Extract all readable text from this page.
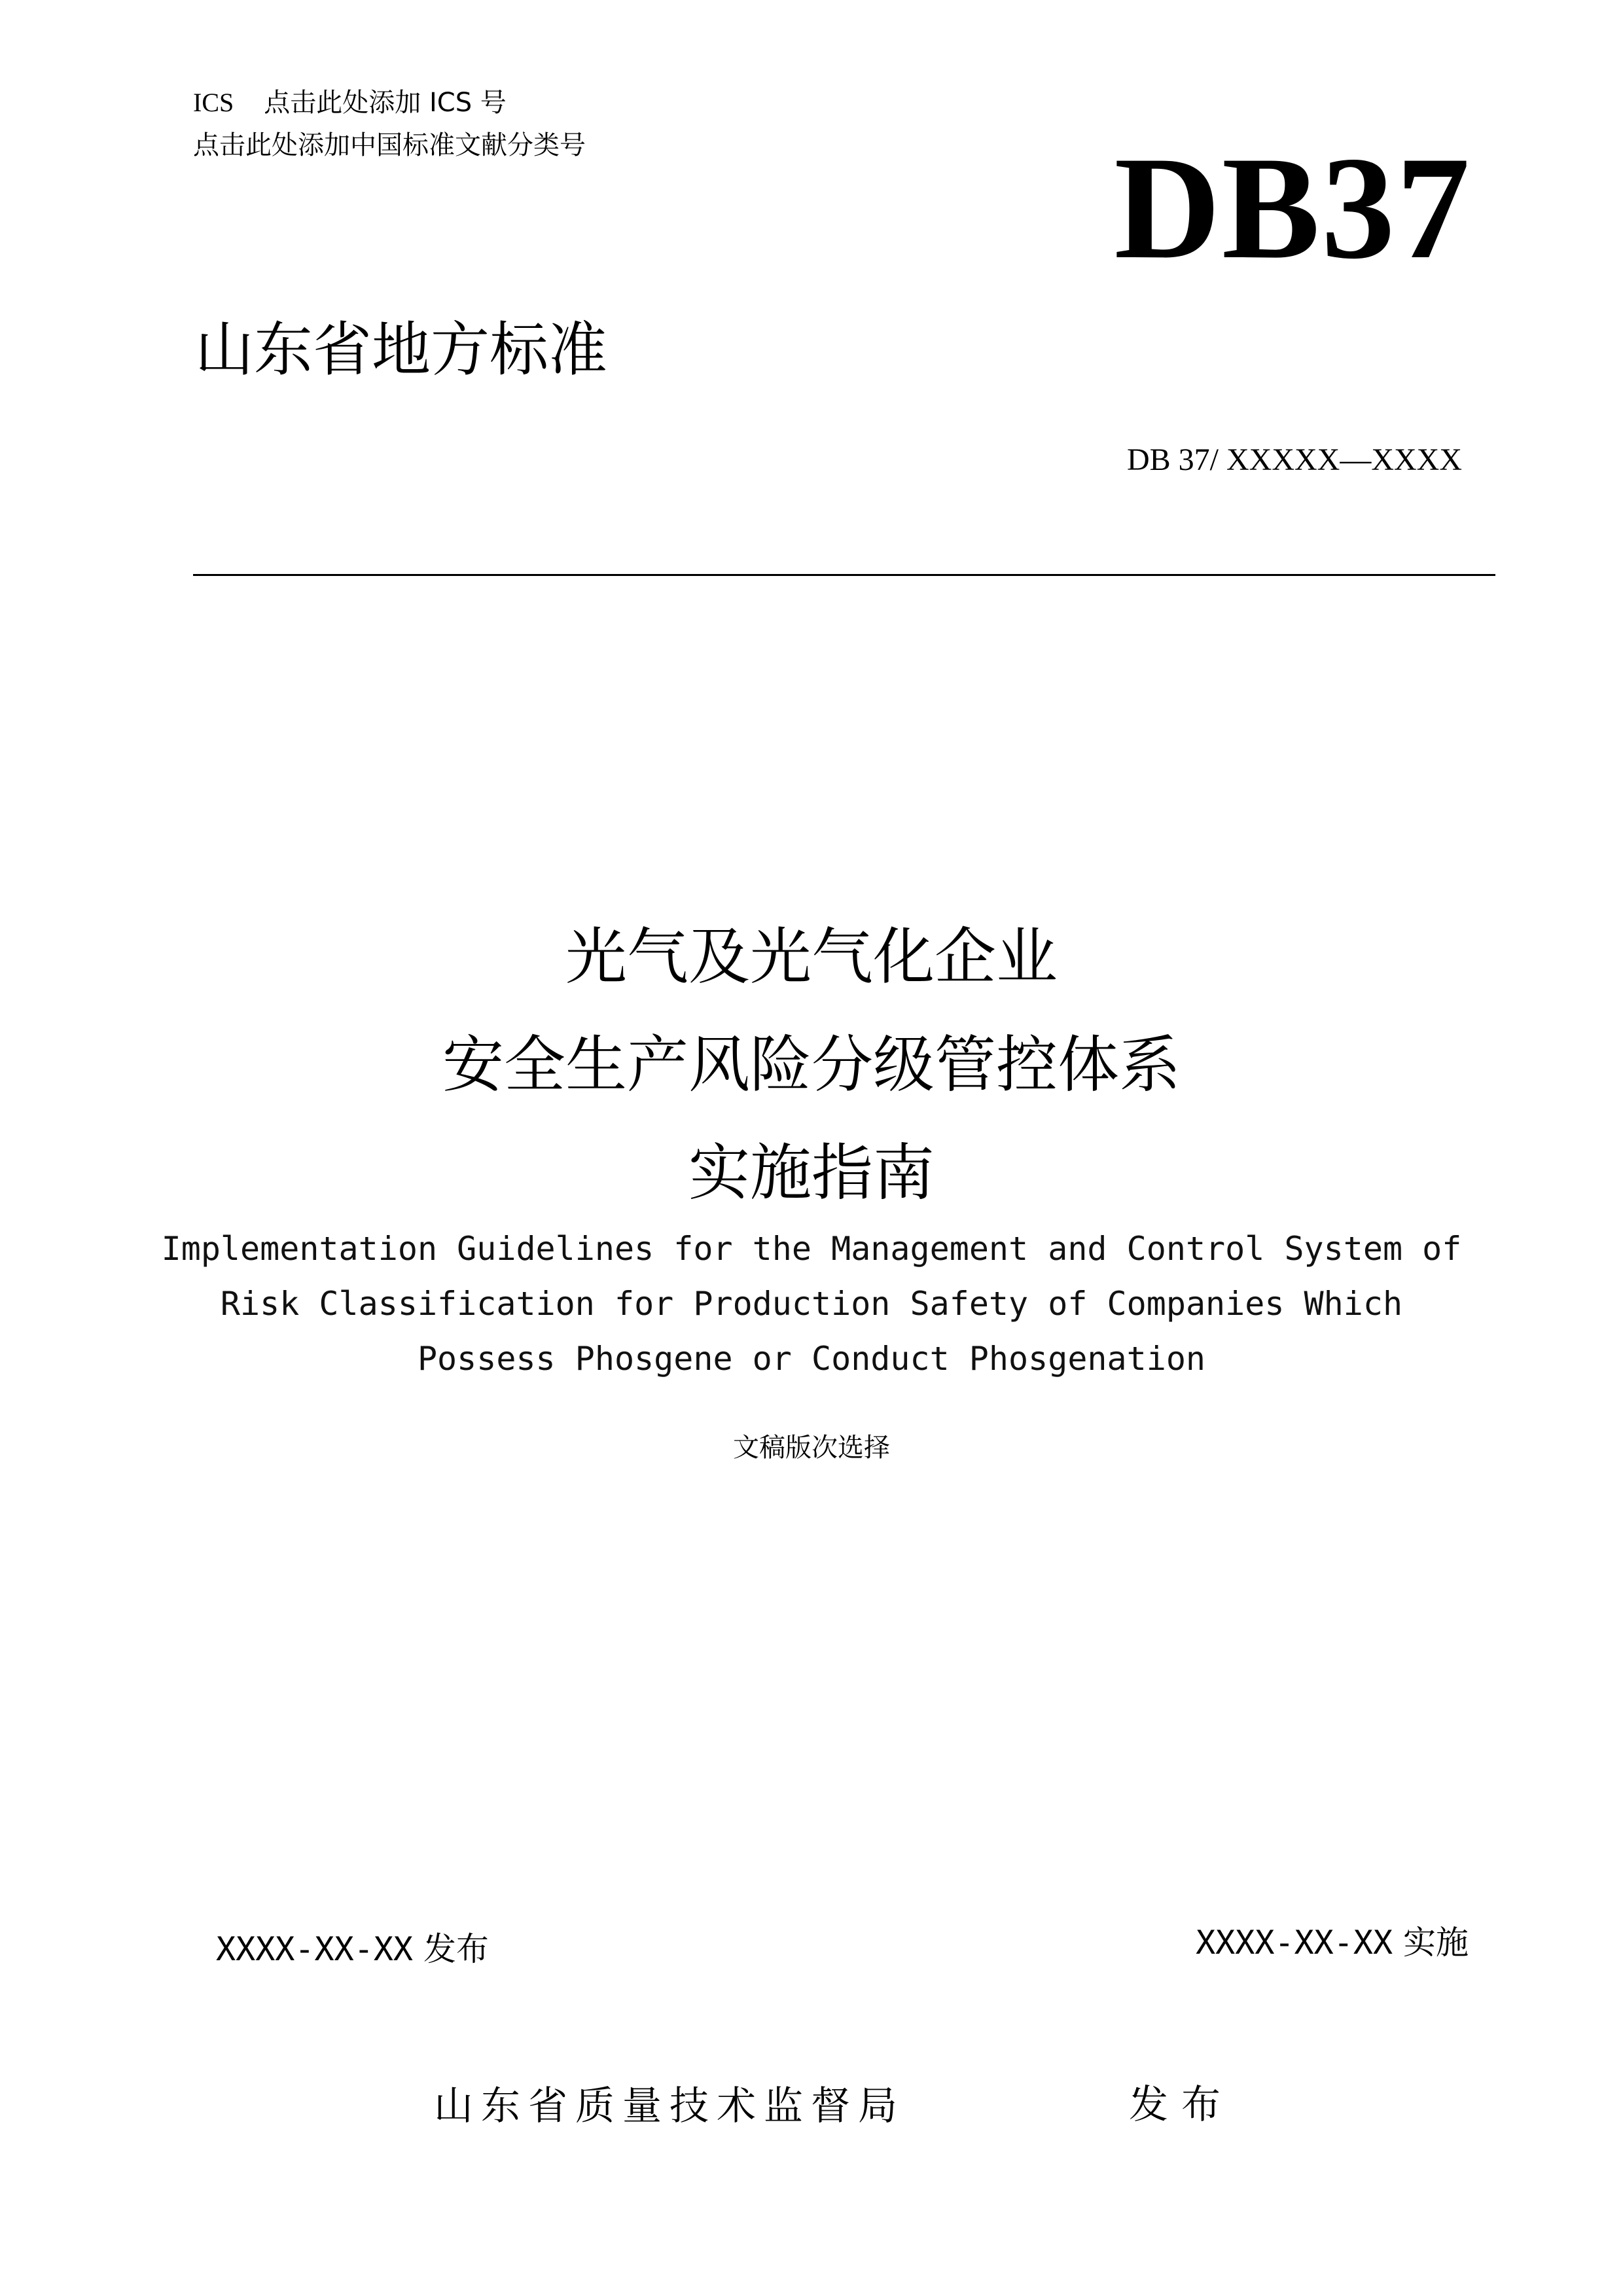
ICS 点击此处添加 ICS 号
点击此处添加中国标准文献分类号	DB37
山东省地方标准
DB 37/ XXXXX—XXXX
光气及光气化企业
安全生产风险分级管控体系
实施指南
Implementation Guidelines for the Management and Control System of
Risk Classification for Production Safety of Companies Which
Possess Phosgene or Conduct Phosgenation
文稿版次选择
XXXX-XX-XX 发布	XXXX-XX-XX 实施
山东省质量技术监督局	发布
